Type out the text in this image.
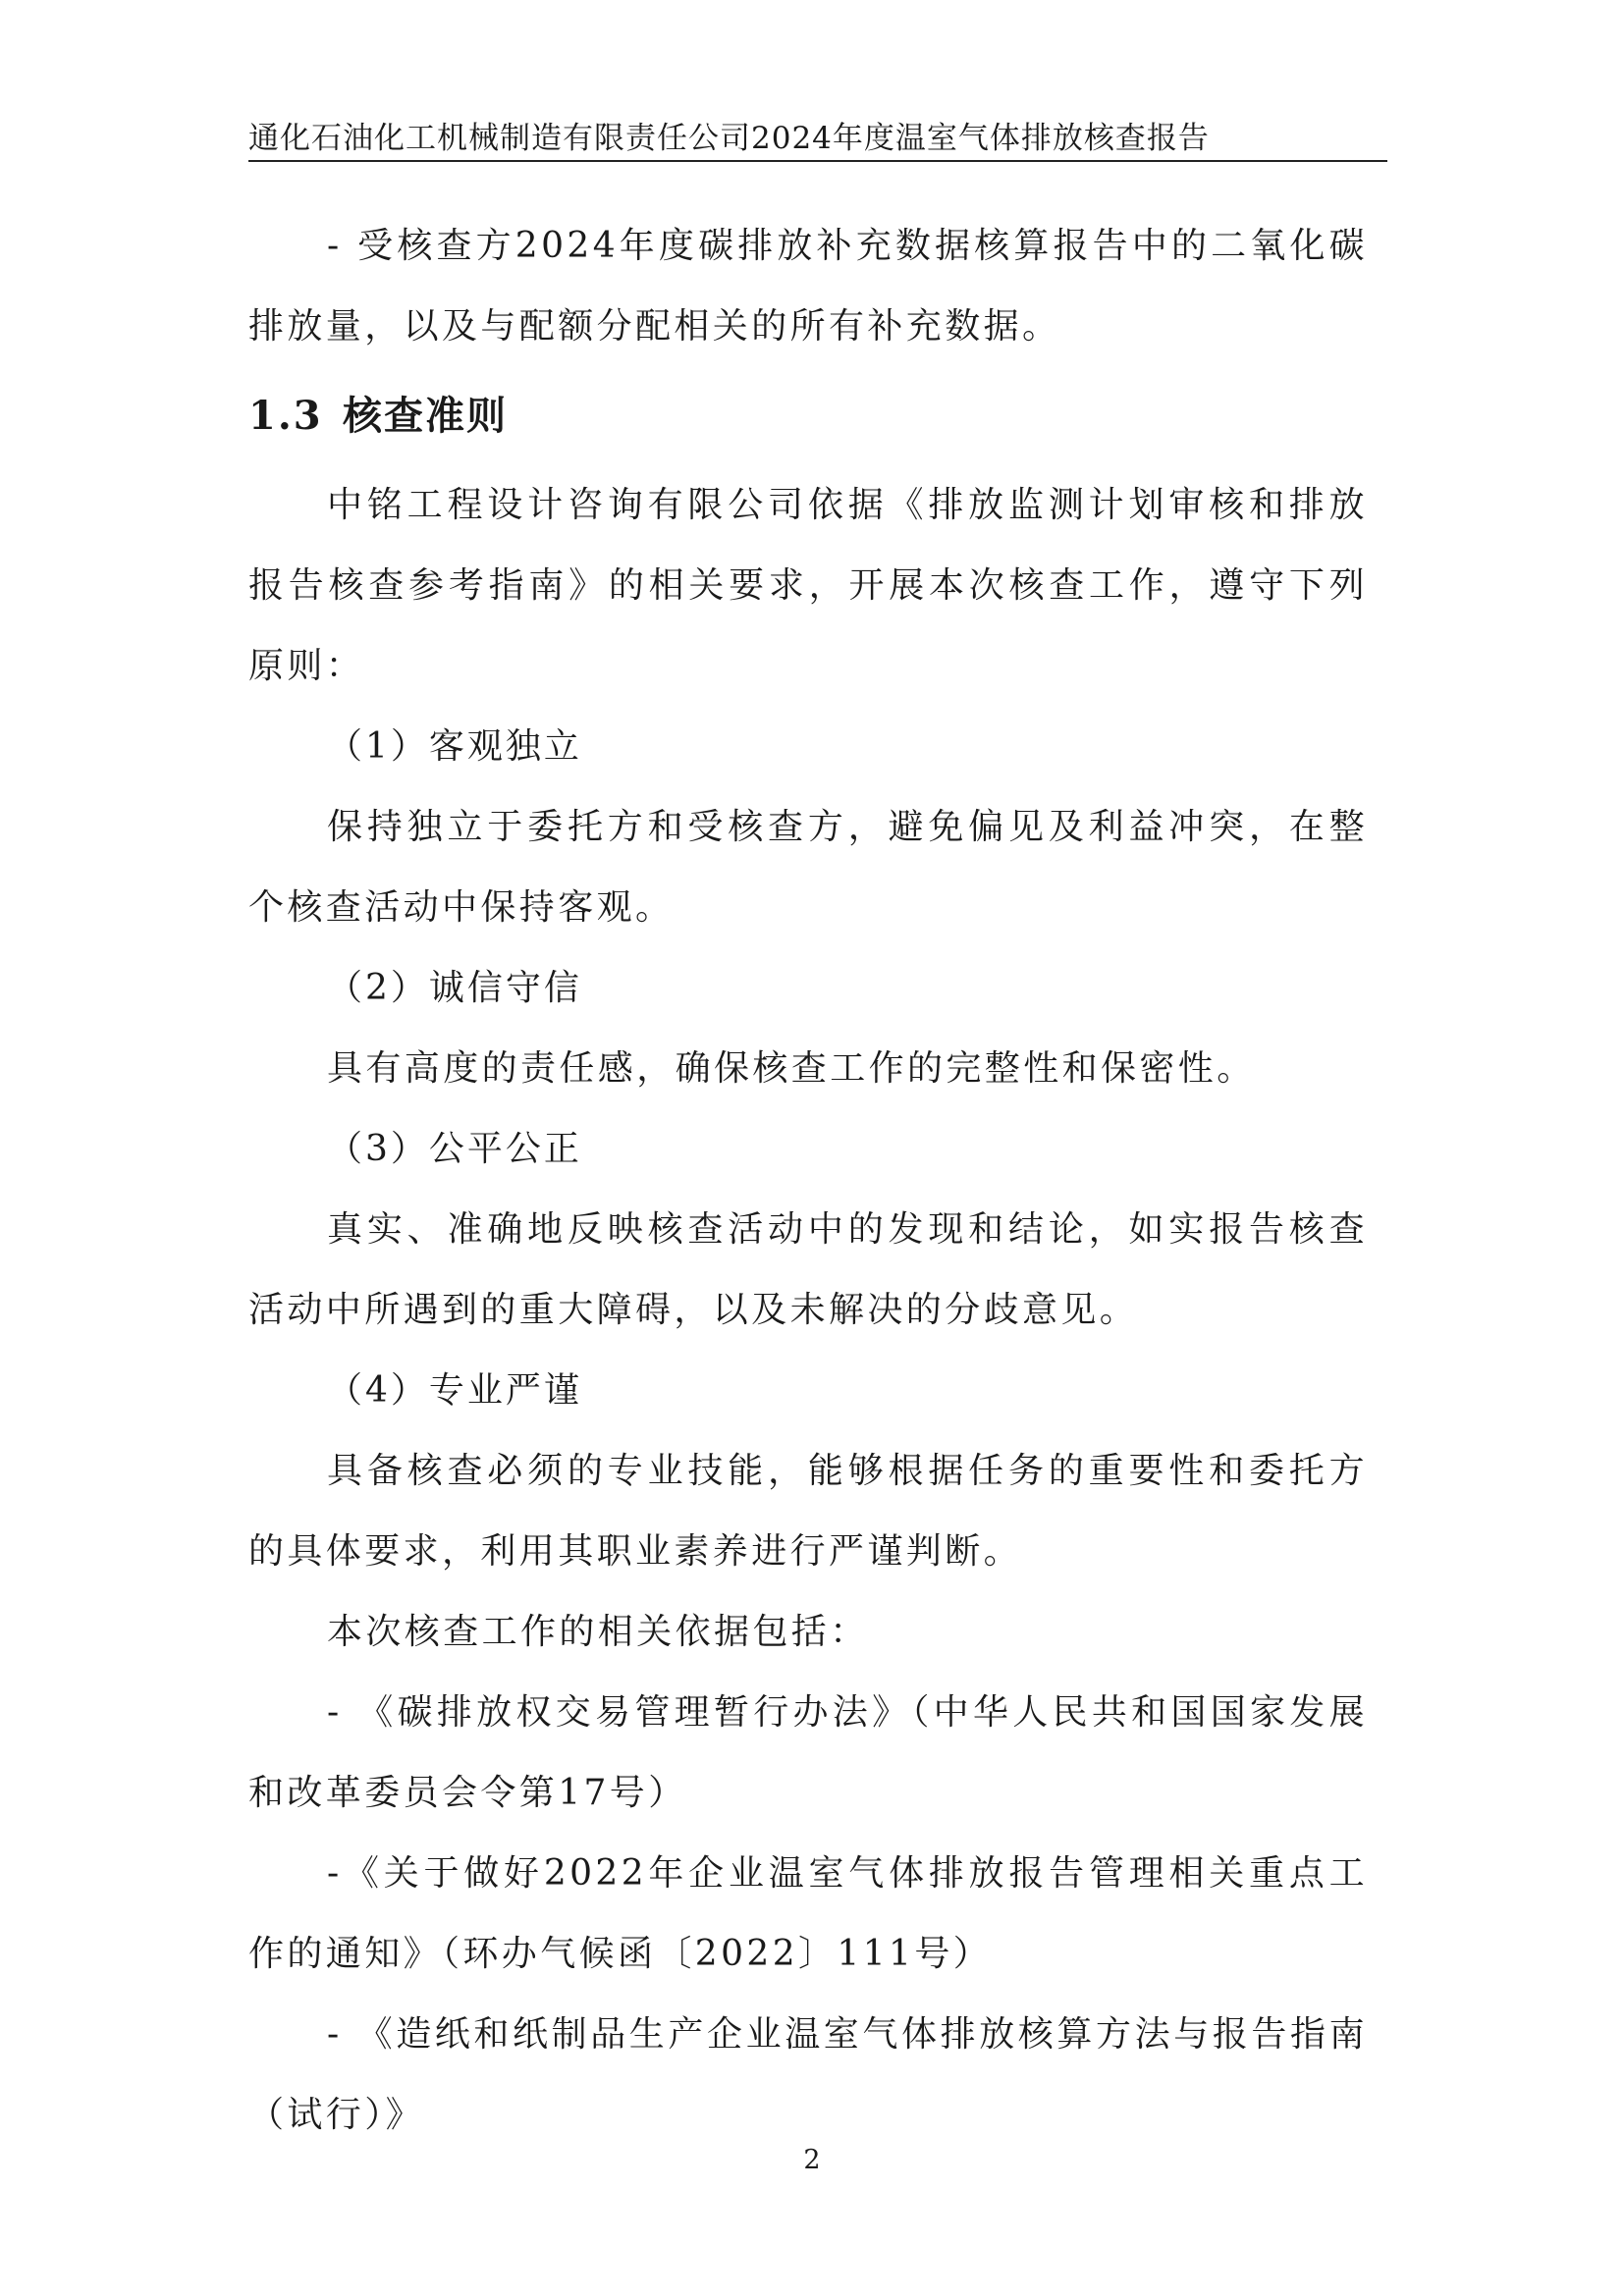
通化石油化工机械制造有限责任公司2024年度温室气体排放核查报告

- 受核查方2024年度碳排放补充数据核算报告中的二氧化碳排放量，以及与配额分配相关的所有补充数据。

1.3 核查准则

中铭工程设计咨询有限公司依据《排放监测计划审核和排放报告核查参考指南》的相关要求，开展本次核查工作，遵守下列原则：

（1）客观独立

保持独立于委托方和受核查方，避免偏见及利益冲突，在整个核查活动中保持客观。

（2）诚信守信

具有高度的责任感，确保核查工作的完整性和保密性。

（3）公平公正

真实、准确地反映核查活动中的发现和结论，如实报告核查活动中所遇到的重大障碍，以及未解决的分歧意见。

（4）专业严谨

具备核查必须的专业技能，能够根据任务的重要性和委托方的具体要求，利用其职业素养进行严谨判断。

本次核查工作的相关依据包括：

- 《碳排放权交易管理暂行办法》（中华人民共和国国家发展和改革委员会令第17号）

-《关于做好2022年企业温室气体排放报告管理相关重点工作的通知》（环办气候函〔2022〕111号）

- 《造纸和纸制品生产企业温室气体排放核算方法与报告指南（试行）》

2
